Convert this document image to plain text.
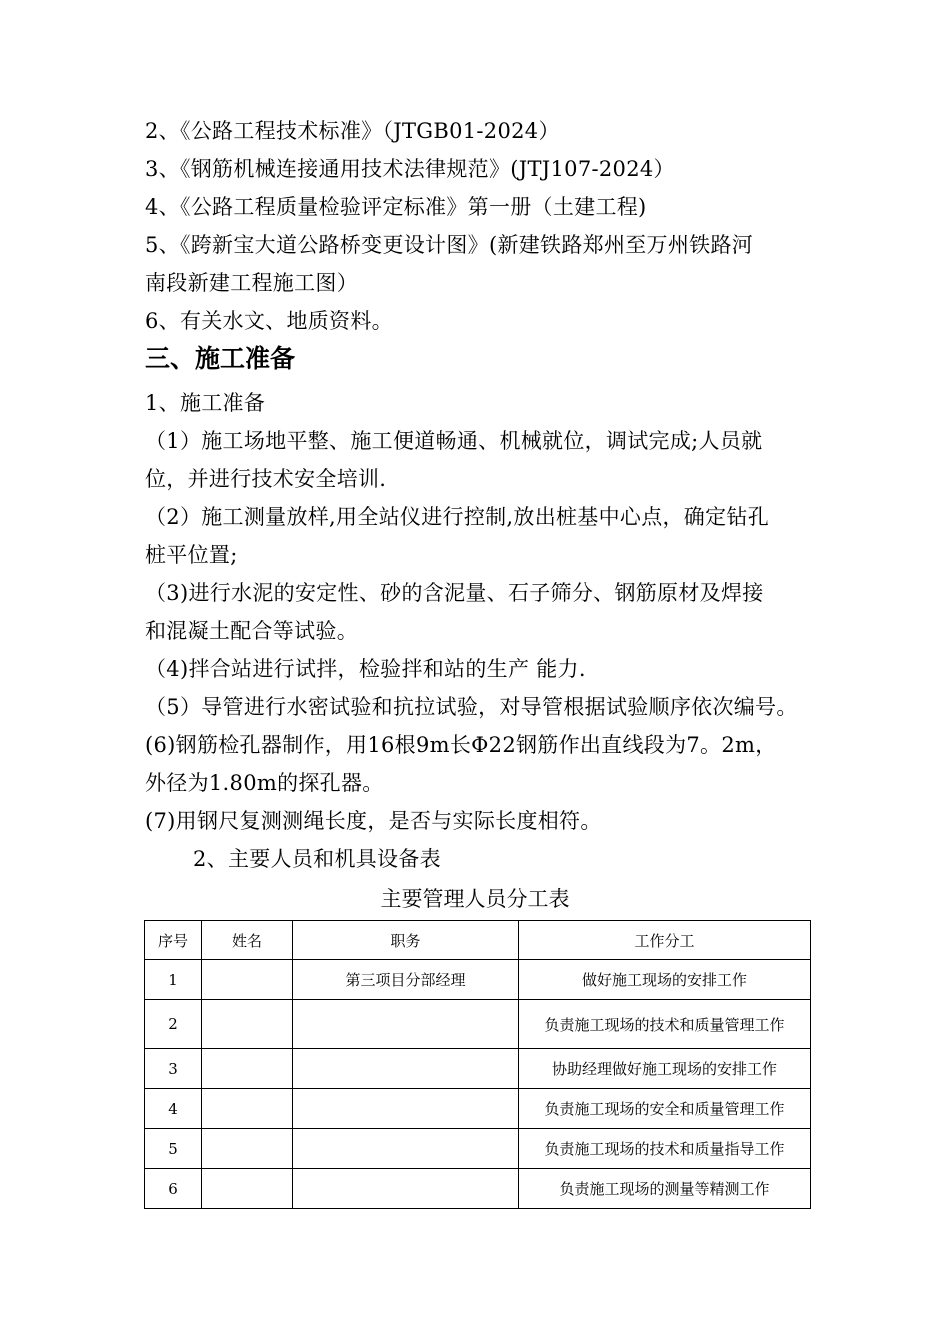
2、《公路工程技术标准》（JTGB01-2024）
3、《钢筋机械连接通用技术法律规范》(JTJ107-2024）
4、《公路工程质量检验评定标准》第一册（土建工程)
5、《跨新宝大道公路桥变更设计图》(新建铁路郑州至万州铁路河
南段新建工程施工图）
6、有关水文、地质资料。
三、施工准备
1、施工准备
（1）施工场地平整、施工便道畅通、机械就位，调试完成;人员就
位，并进行技术安全培训.
（2）施工测量放样,用全站仪进行控制,放出桩基中心点，确定钻孔
桩平位置;
（3)进行水泥的安定性、砂的含泥量、石子筛分、钢筋原材及焊接
和混凝土配合等试验。
（4)拌合站进行试拌，检验拌和站的生产 能力.
（5）导管进行水密试验和抗拉试验，对导管根据试验顺序依次编号。
(6)钢筋检孔器制作，用16根9m长Φ22钢筋作出直线段为7。2m，
外径为1.80m的探孔器。
(7)用钢尺复测测绳长度，是否与实际长度相符。
2、主要人员和机具设备表
主要管理人员分工表
序号	姓名	职务	工作分工
1		第三项目分部经理	做好施工现场的安排工作
2			负责施工现场的技术和质量管理工作
3			协助经理做好施工现场的安排工作
4			负责施工现场的安全和质量管理工作
5			负责施工现场的技术和质量指导工作
6			负责施工现场的测量等精测工作
